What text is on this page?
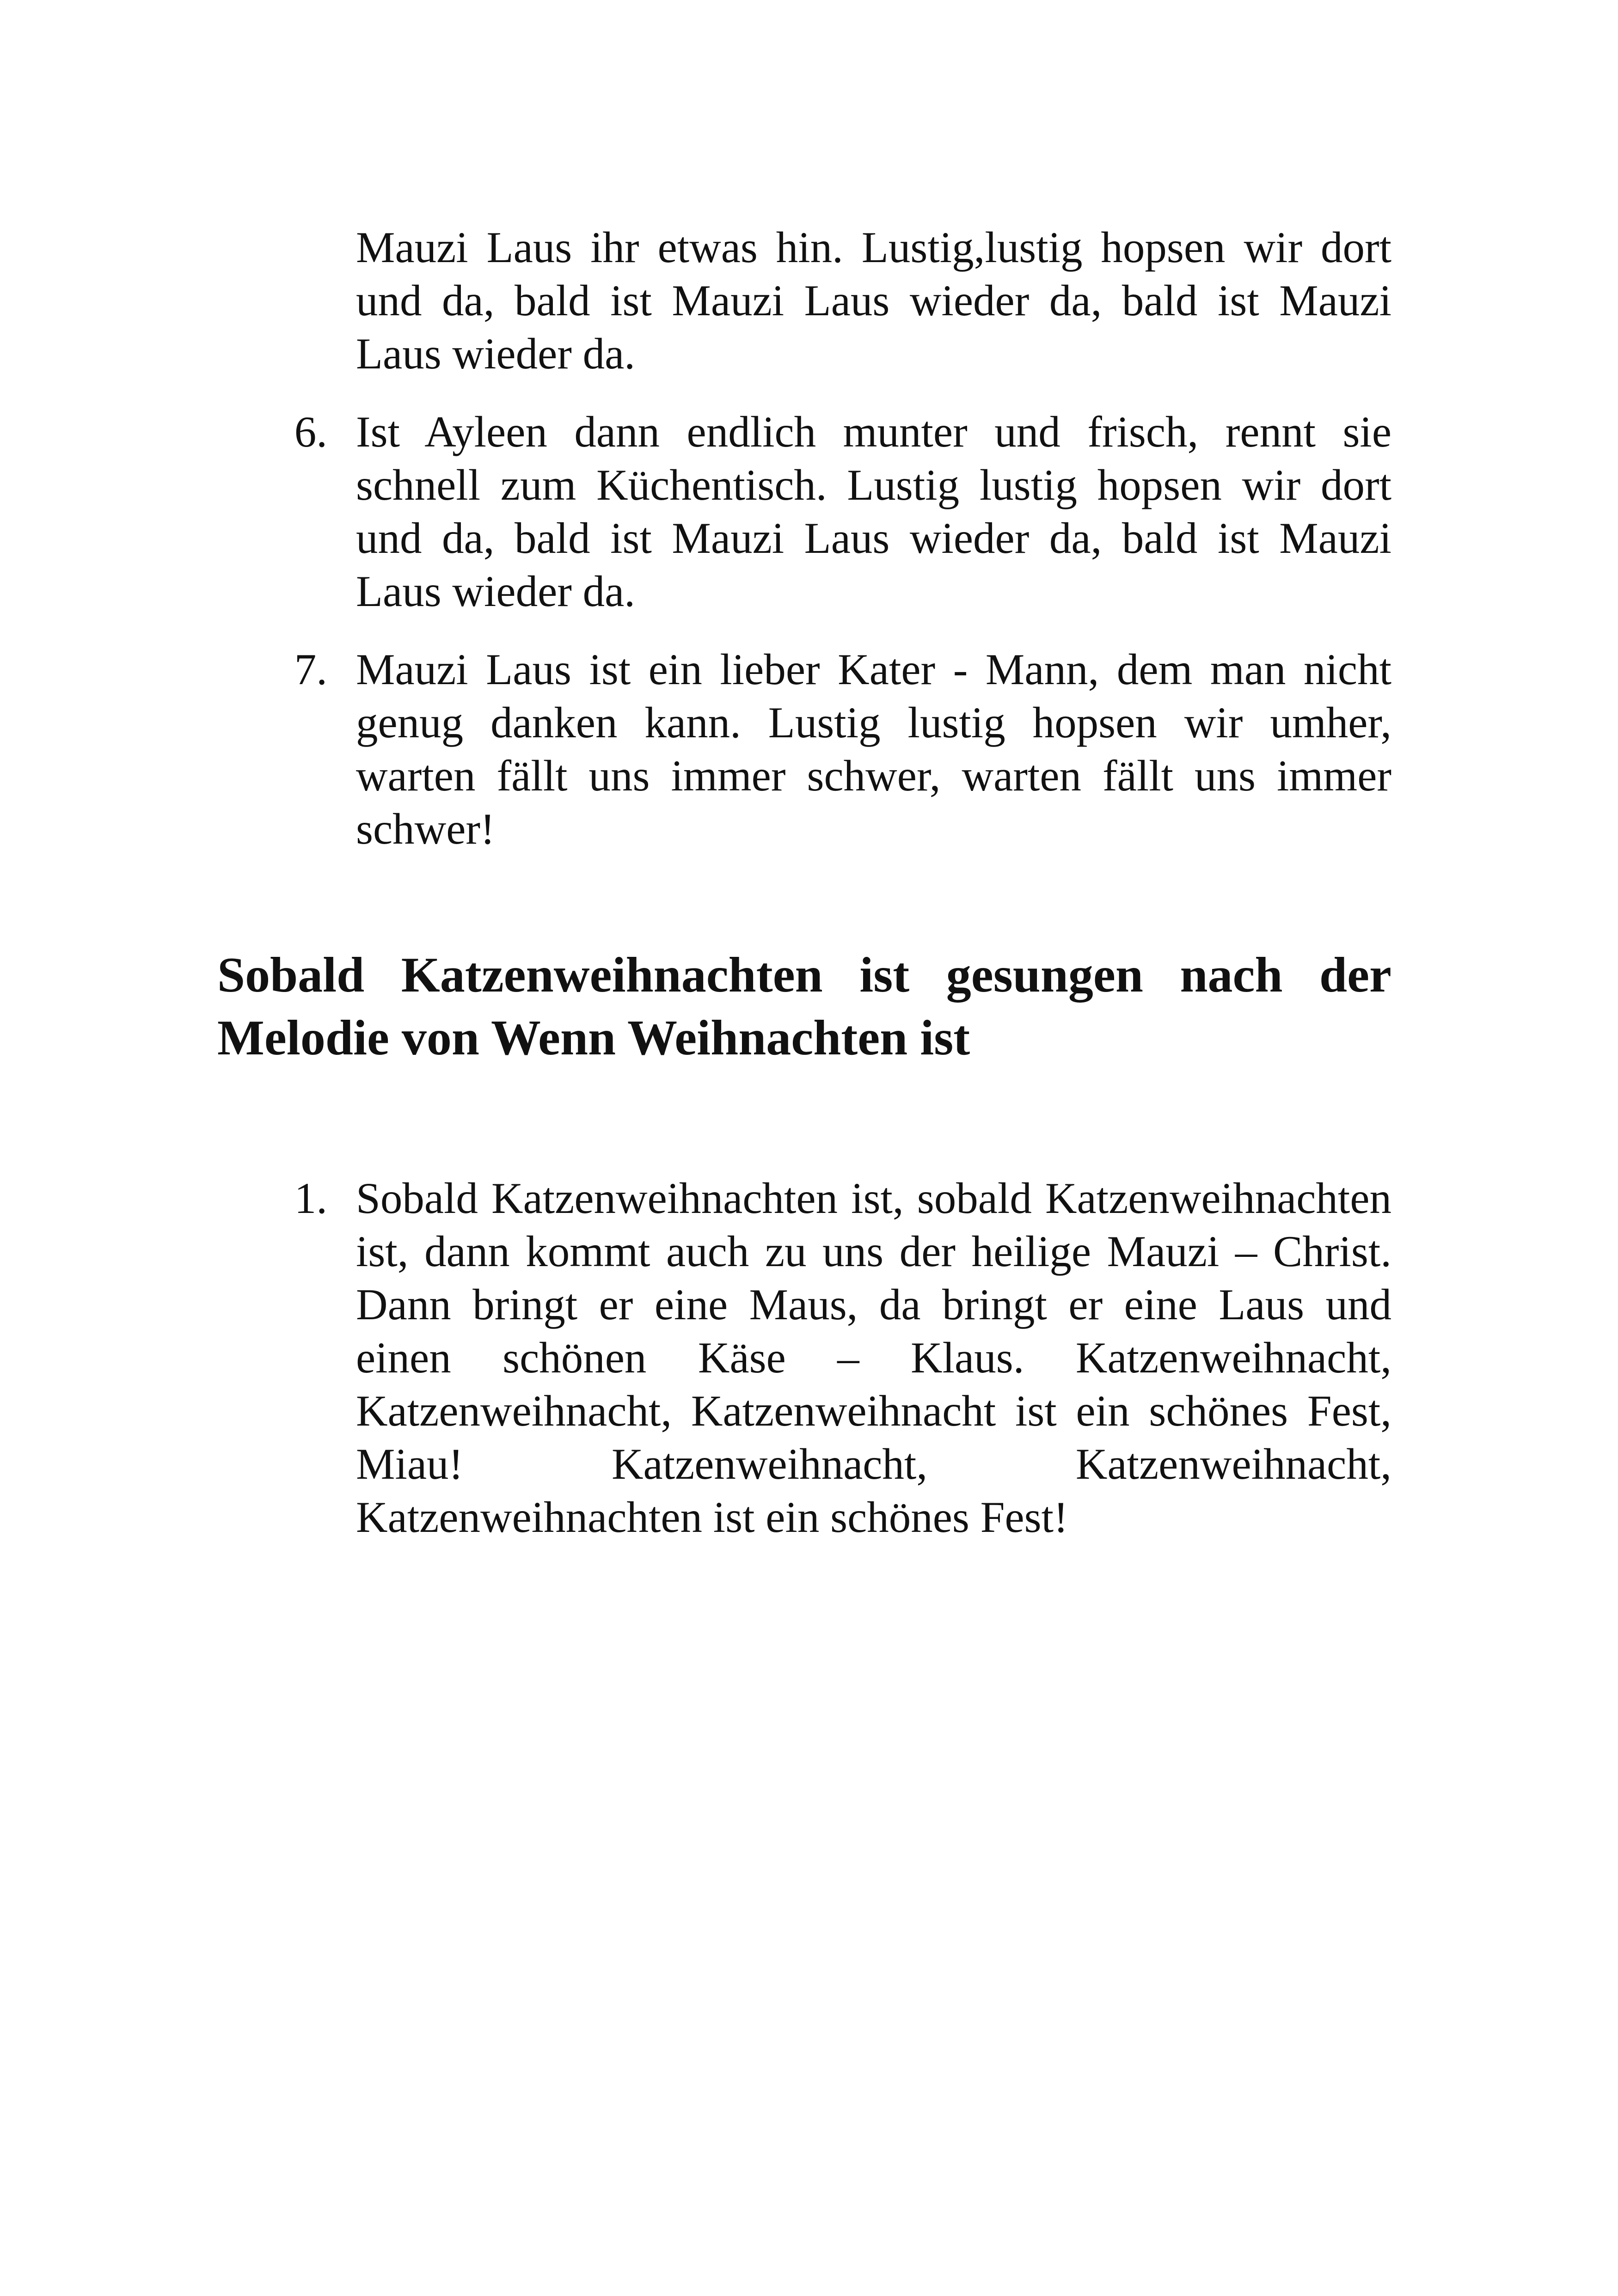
Mauzi Laus ihr etwas hin. Lustig,lustig hopsen wir dort und da, bald ist Mauzi Laus wieder da, bald ist Mauzi Laus wieder da.
6. Ist Ayleen dann endlich munter und frisch, rennt sie schnell zum Küchentisch. Lustig lustig hopsen wir dort und da, bald ist Mauzi Laus wieder da, bald ist Mauzi Laus wieder da.
7. Mauzi Laus ist ein lieber Kater - Mann, dem man nicht genug danken kann. Lustig lustig hopsen wir umher, warten fällt uns immer schwer, warten fällt uns immer schwer!
Sobald Katzenweihnachten ist gesungen nach der Melodie von Wenn Weihnachten ist
1. Sobald Katzenweihnachten ist, sobald Katzenweihnachten ist, dann kommt auch zu uns der heilige Mauzi – Christ. Dann bringt er eine Maus, da bringt er eine Laus und einen schönen Käse – Klaus. Katzenweihnacht, Katzenweihnacht, Katzenweihnacht ist ein schönes Fest, Miau! Katzenweihnacht, Katzenweihnacht, Katzenweihnachten ist ein schönes Fest!
